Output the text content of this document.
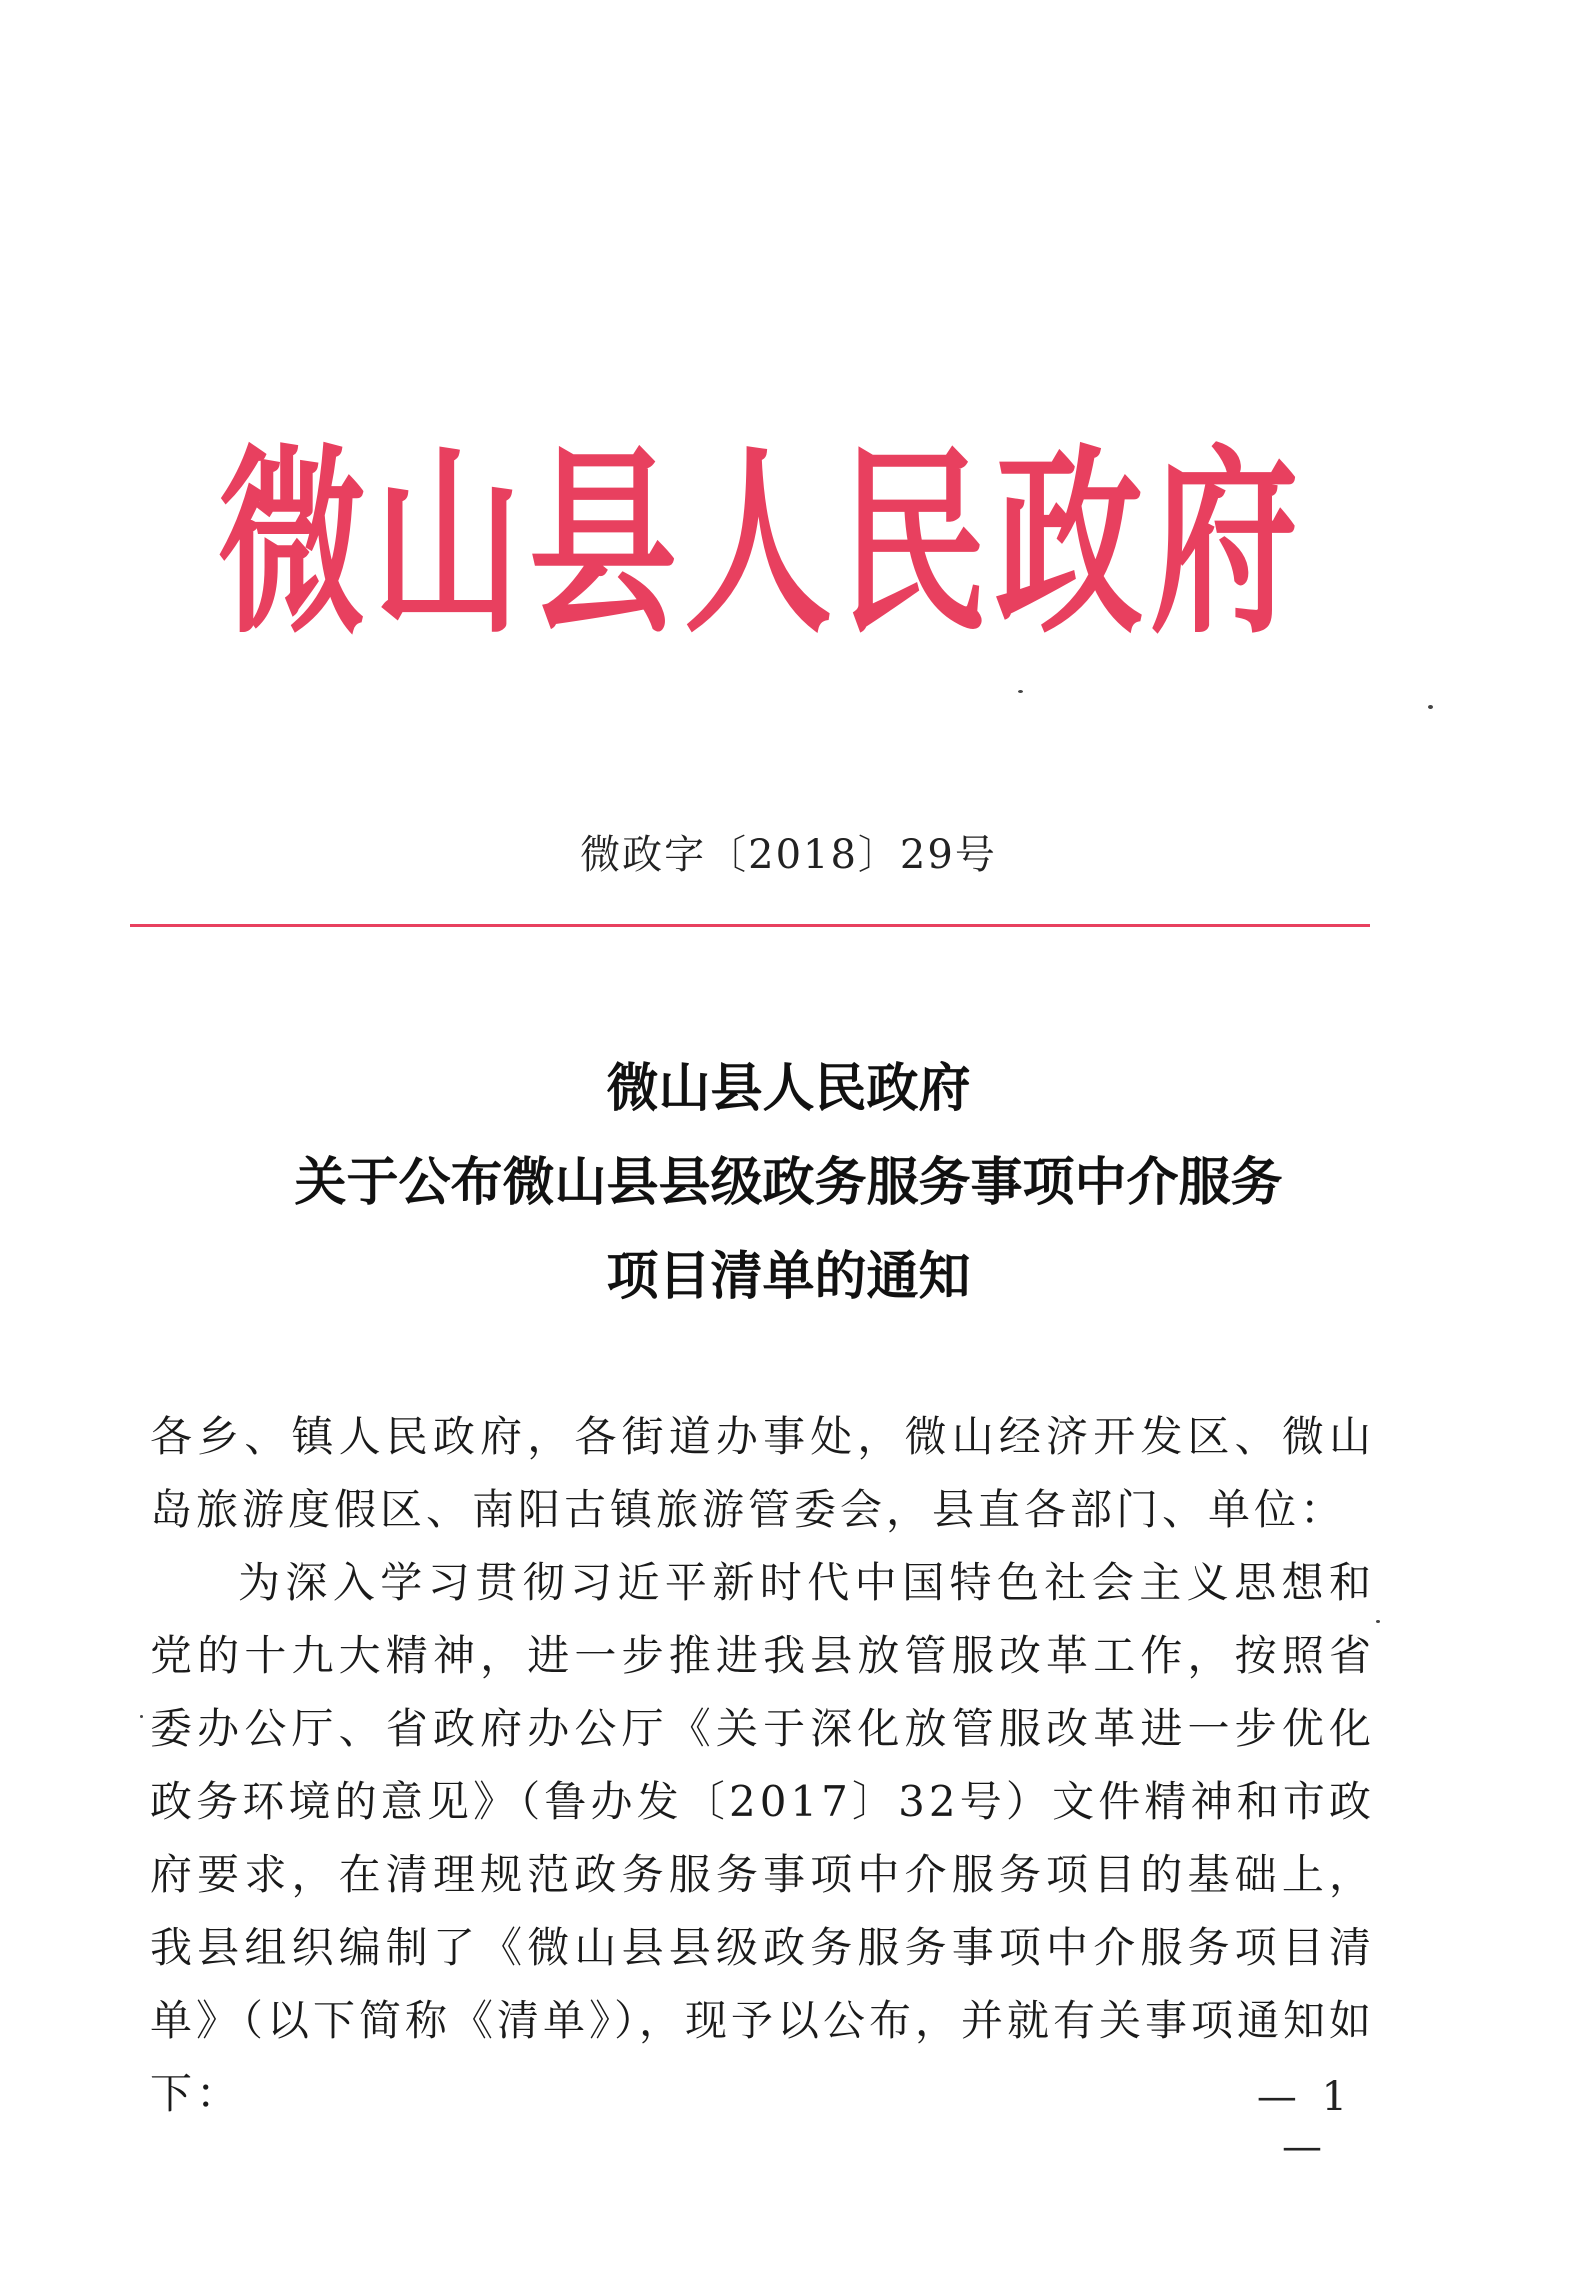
微山县人民政府
微政字〔2018〕29号
微山县人民政府
关于公布微山县县级政务服务事项中介服务
项目清单的通知

各乡、镇人民政府，各街道办事处，微山经济开发区、微山岛旅游度假区、南阳古镇旅游管委会，县直各部门、单位：

为深入学习贯彻习近平新时代中国特色社会主义思想和党的十九大精神，进一步推进我县放管服改革工作，按照省委办公厅、省政府办公厅《关于深化放管服改革进一步优化政务环境的意见》（鲁办发〔2017〕32号）文件精神和市政府要求，在清理规范政务服务事项中介服务项目的基础上，我县组织编制了《微山县县级政务服务事项中介服务项目清单》（以下简称《清单》），现予以公布，并就有关事项通知如下：	— 1 —
